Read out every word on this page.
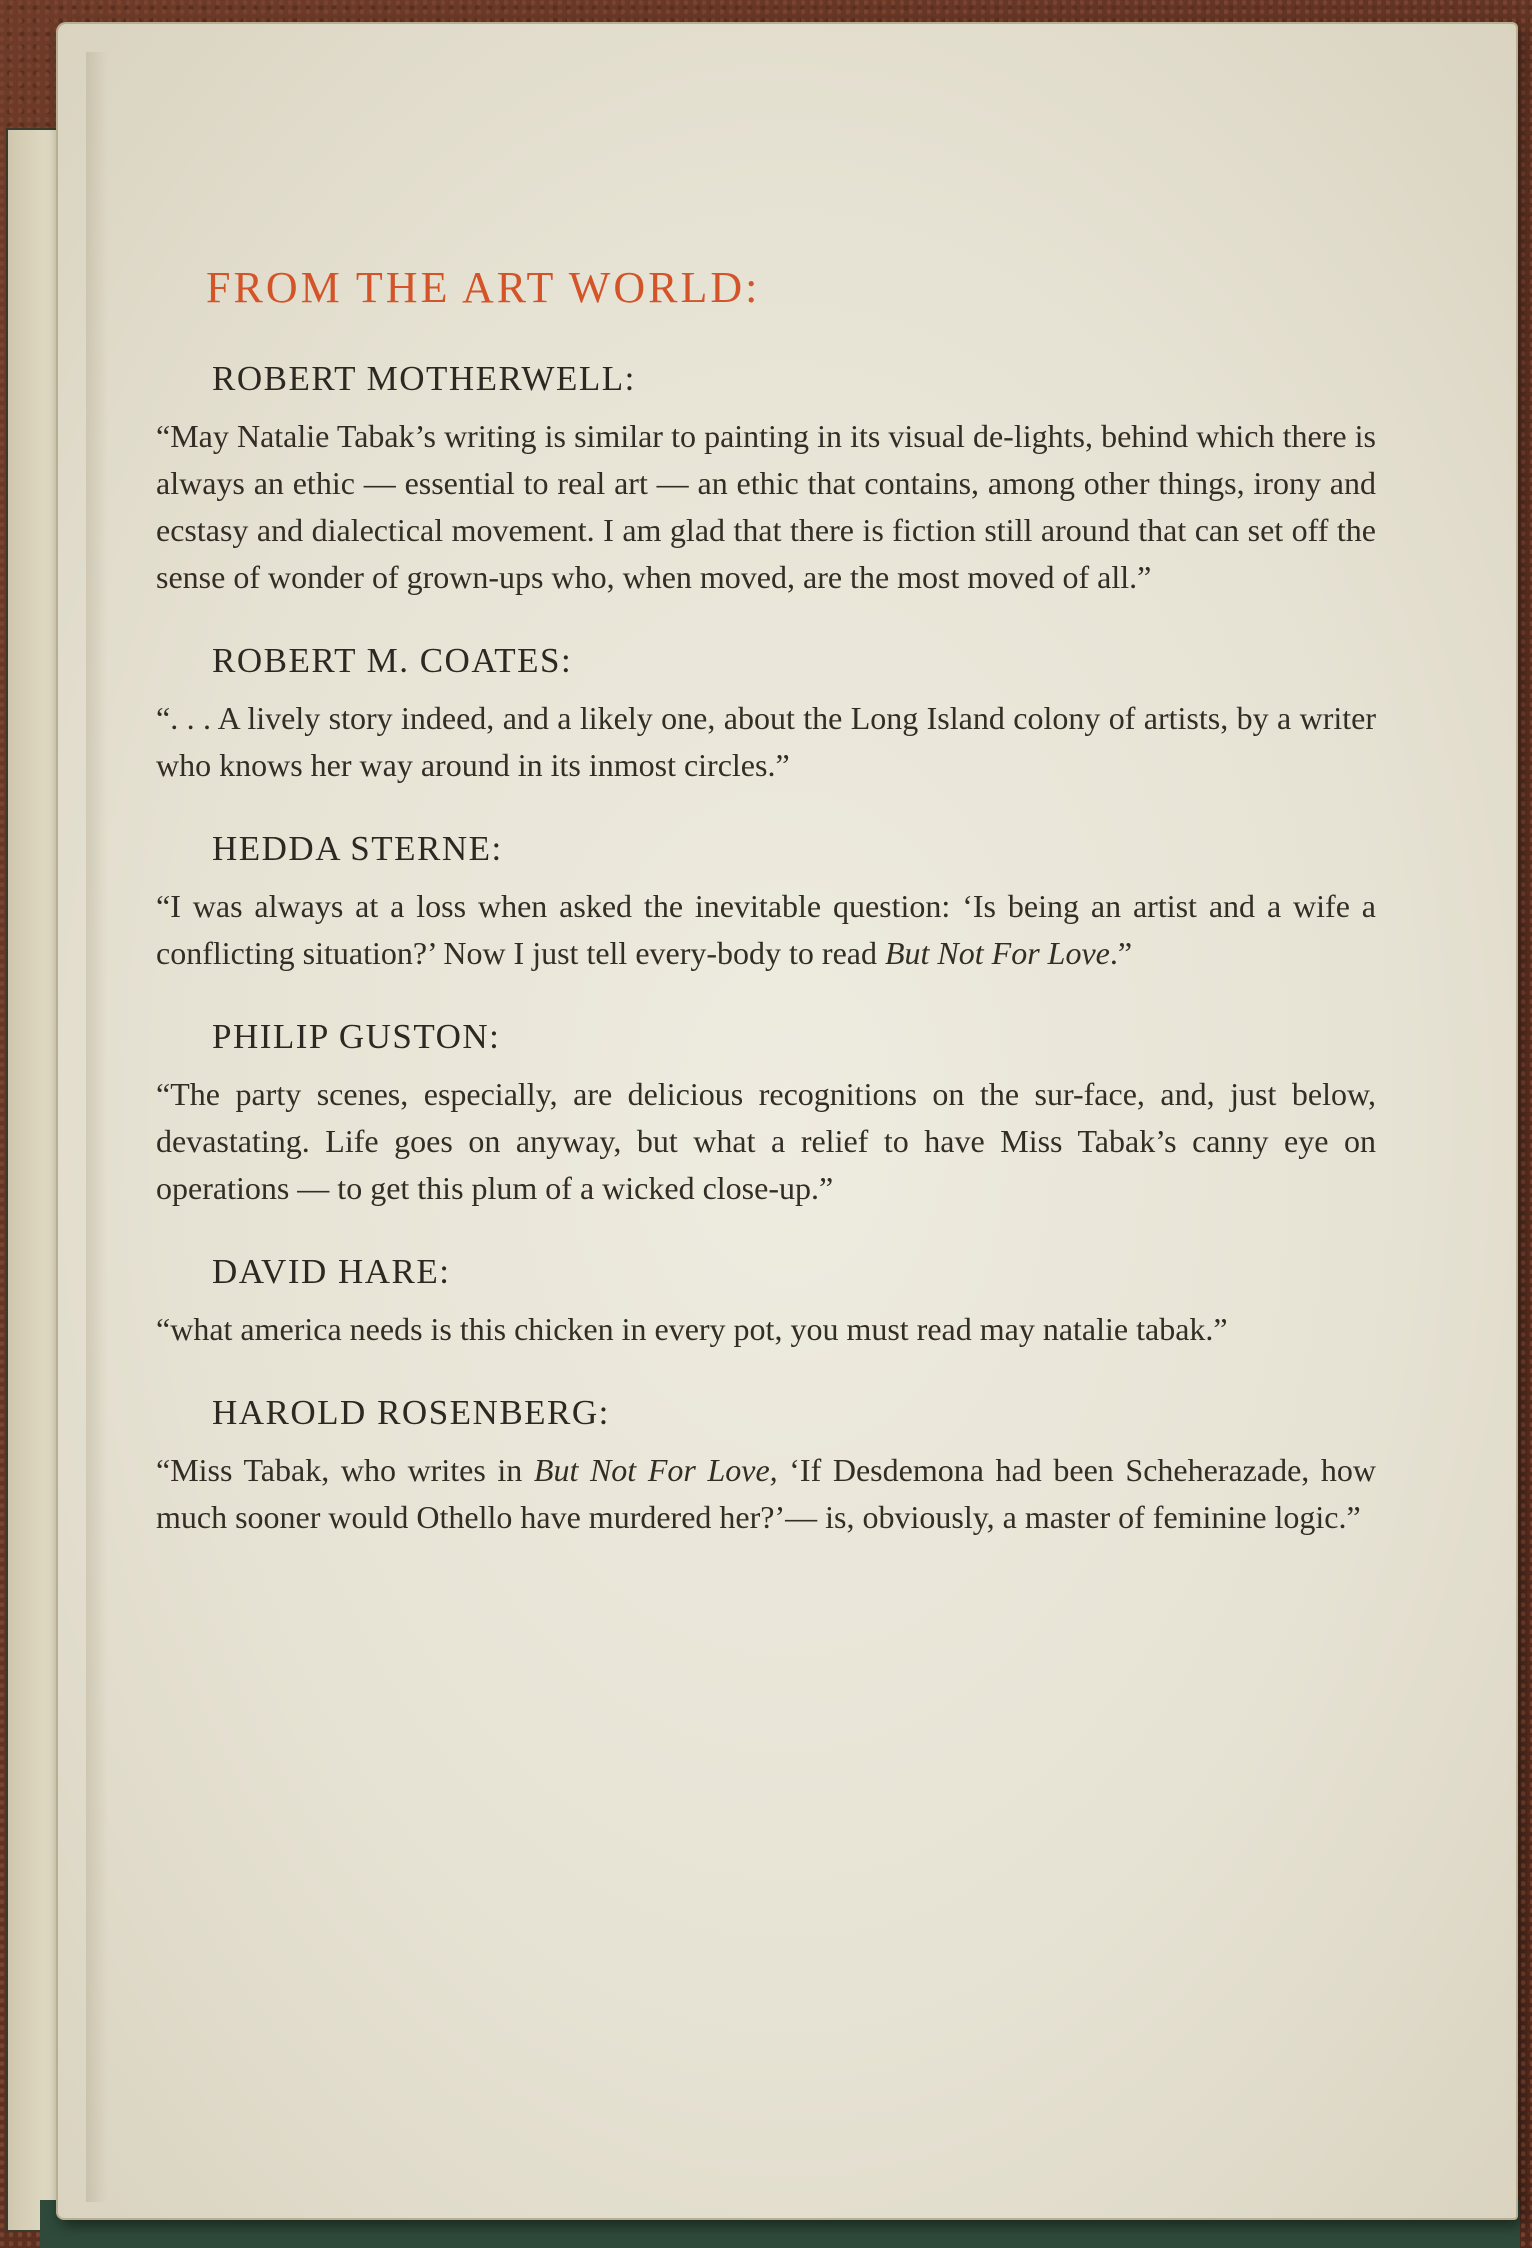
FROM THE ART WORLD:
ROBERT MOTHERWELL:

“May Natalie Tabak’s writing is similar to painting in its visual de-lights, behind which there is always an ethic — essential to real art — an ethic that contains, among other things, irony and ecstasy and dialectical movement. I am glad that there is fiction still around that can set off the sense of wonder of grown-ups who, when moved, are the most moved of all.”

ROBERT M. COATES:

“. . . A lively story indeed, and a likely one, about the Long Island colony of artists, by a writer who knows her way around in its inmost circles.”

HEDDA STERNE:

“I was always at a loss when asked the inevitable question: ‘Is being an artist and a wife a conflicting situation?’ Now I just tell every-body to read But Not For Love.”

PHILIP GUSTON:

“The party scenes, especially, are delicious recognitions on the sur-face, and, just below, devastating. Life goes on anyway, but what a relief to have Miss Tabak’s canny eye on operations — to get this plum of a wicked close-up.”

DAVID HARE:

“what america needs is this chicken in every pot, you must read may natalie tabak.”

HAROLD ROSENBERG:

“Miss Tabak, who writes in But Not For Love, ‘If Desdemona had been Scheherazade, how much sooner would Othello have murdered her?’— is, obviously, a master of feminine logic.”
